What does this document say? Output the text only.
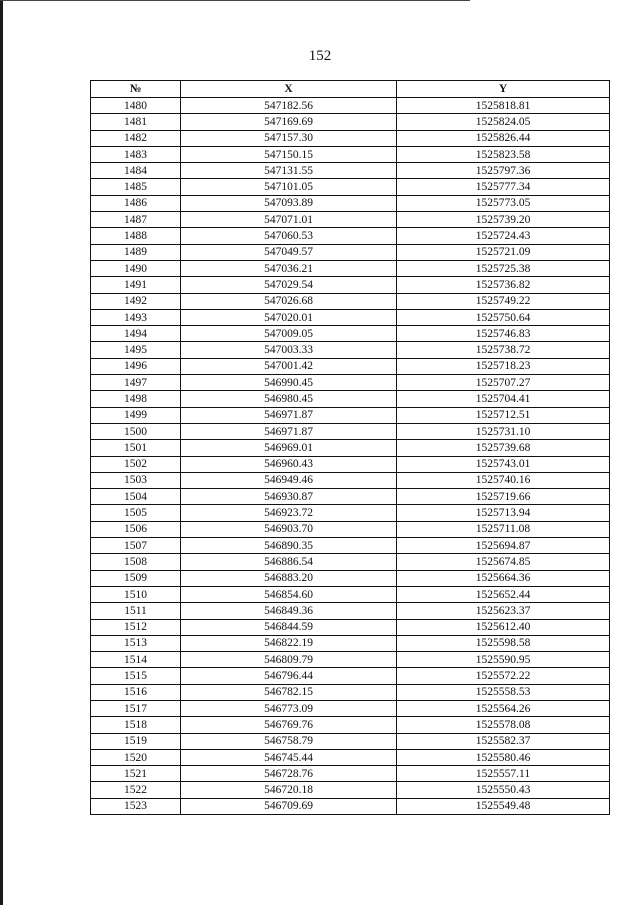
152
№	X	Y
1480	547182.56	1525818.81
1481	547169.69	1525824.05
1482	547157.30	1525826.44
1483	547150.15	1525823.58
1484	547131.55	1525797.36
1485	547101.05	1525777.34
1486	547093.89	1525773.05
1487	547071.01	1525739.20
1488	547060.53	1525724.43
1489	547049.57	1525721.09
1490	547036.21	1525725.38
1491	547029.54	1525736.82
1492	547026.68	1525749.22
1493	547020.01	1525750.64
1494	547009.05	1525746.83
1495	547003.33	1525738.72
1496	547001.42	1525718.23
1497	546990.45	1525707.27
1498	546980.45	1525704.41
1499	546971.87	1525712.51
1500	546971.87	1525731.10
1501	546969.01	1525739.68
1502	546960.43	1525743.01
1503	546949.46	1525740.16
1504	546930.87	1525719.66
1505	546923.72	1525713.94
1506	546903.70	1525711.08
1507	546890.35	1525694.87
1508	546886.54	1525674.85
1509	546883.20	1525664.36
1510	546854.60	1525652.44
1511	546849.36	1525623.37
1512	546844.59	1525612.40
1513	546822.19	1525598.58
1514	546809.79	1525590.95
1515	546796.44	1525572.22
1516	546782.15	1525558.53
1517	546773.09	1525564.26
1518	546769.76	1525578.08
1519	546758.79	1525582.37
1520	546745.44	1525580.46
1521	546728.76	1525557.11
1522	546720.18	1525550.43
1523	546709.69	1525549.48
